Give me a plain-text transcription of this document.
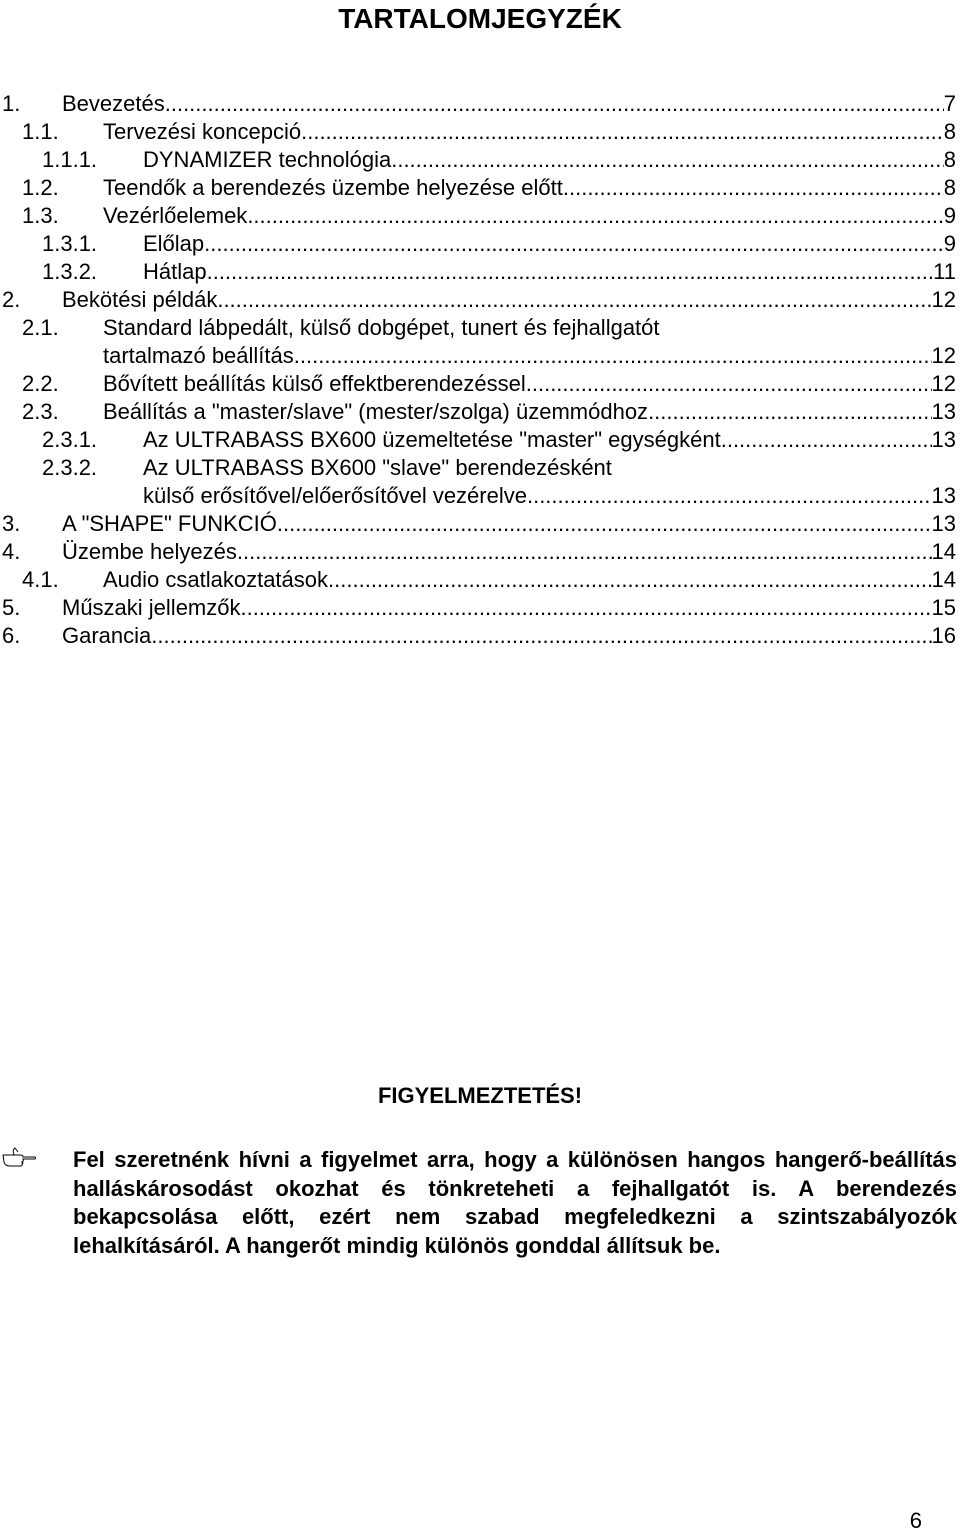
TARTALOMJEGYZÉK
1. Bevezetés .....	7
1.1. Tervezési koncepció .....	8
1.1.1. DYNAMIZER technológia .....	8
1.2. Teendők a berendezés üzembe helyezése előtt .....	8
1.3. Vezérlőelemek .....	9
1.3.1. Előlap .....	9
1.3.2. Hátlap .....	11
2. Bekötési példák .....	12
2.1. Standard lábpedált, külső dobgépet, tunert és fejhallgatót
tartalmazó beállítás .....	12
2.2. Bővített beállítás külső effektberendezéssel .....	12
2.3. Beállítás a "master/slave" (mester/szolga) üzemmódhoz .....	13
2.3.1. Az ULTRABASS BX600 üzemeltetése "master" egységként .....	13
2.3.2. Az ULTRABASS BX600 "slave" berendezésként
külső erősítővel/előerősítővel vezérelve .....	13
3. A "SHAPE" FUNKCIÓ .....	13
4. Üzembe helyezés .....	14
4.1. Audio csatlakoztatások .....	14
5. Műszaki jellemzők .....	15
6. Garancia .....	16
FIGYELMEZTETÉS!
Fel szeretnénk hívni a figyelmet arra, hogy a különösen hangos hangerő-beállítás halláskárosodást okozhat és tönkreteheti a fejhallgatót is. A berendezés bekapcsolása előtt, ezért nem szabad megfeledkezni a szintszabályozók lehalkításáról. A hangerőt mindig különös gonddal állítsuk be.
6
